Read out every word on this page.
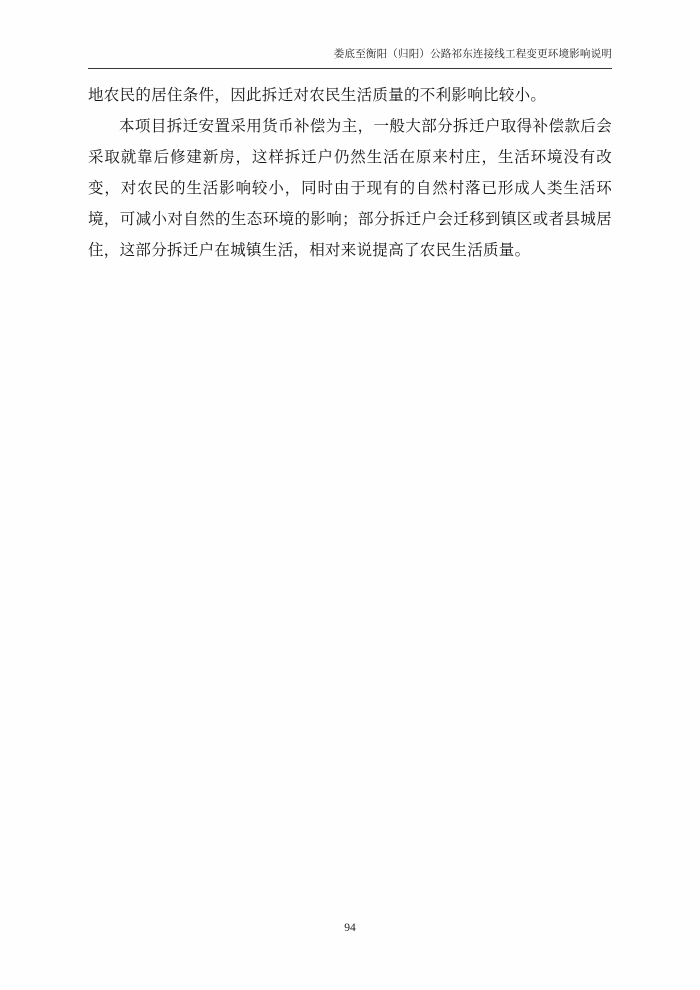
娄底至衡阳（归阳）公路祁东连接线工程变更环境影响说明

地农民的居住条件，因此拆迁对农民生活质量的不利影响比较小。

本项目拆迁安置采用货币补偿为主，一般大部分拆迁户取得补偿款后会采取就靠后修建新房，这样拆迁户仍然生活在原来村庄，生活环境没有改变，对农民的生活影响较小，同时由于现有的自然村落已形成人类生活环境，可减小对自然的生态环境的影响；部分拆迁户会迁移到镇区或者县城居住，这部分拆迁户在城镇生活，相对来说提高了农民生活质量。

94
